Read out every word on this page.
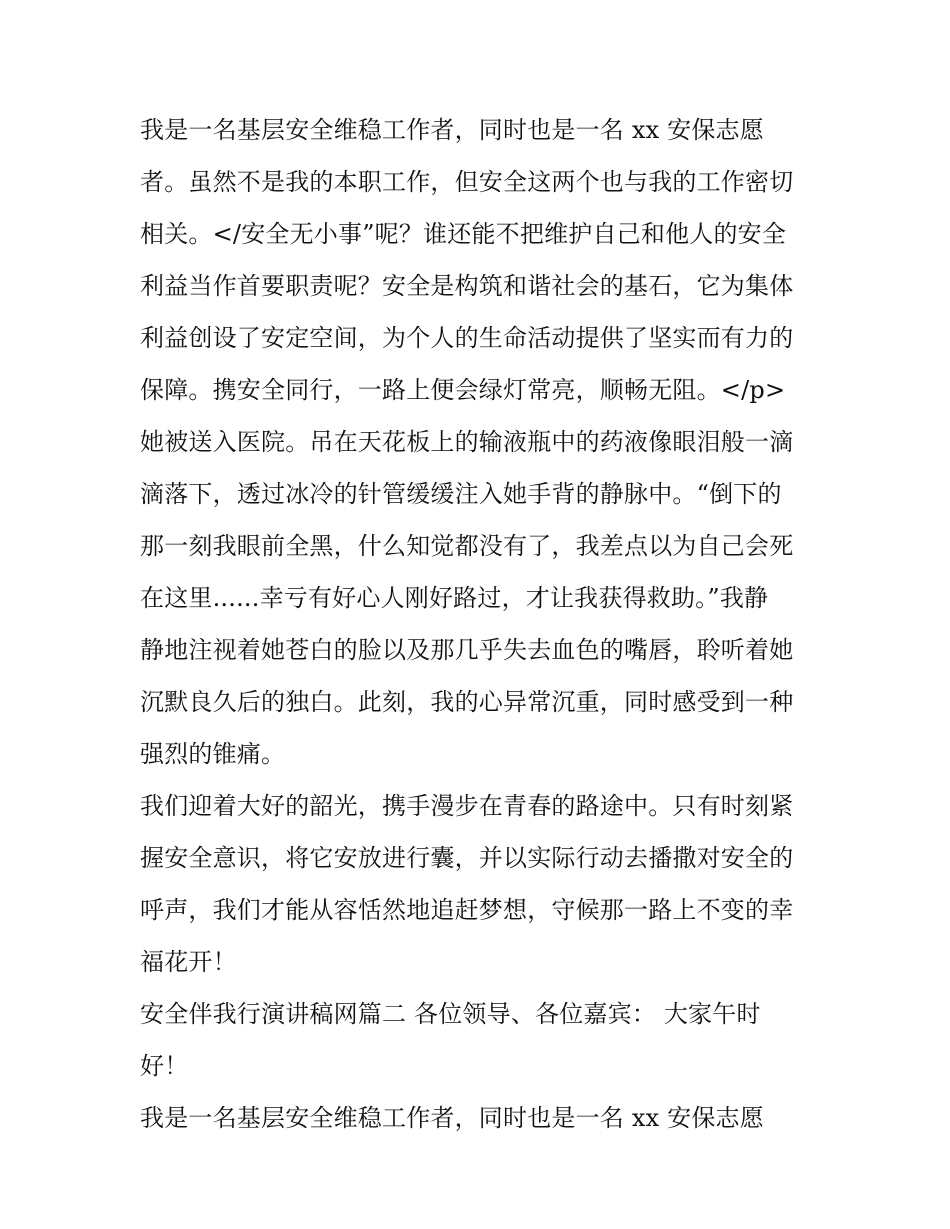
我是一名基层安全维稳工作者，同时也是一名 xx 安保志愿
者。虽然不是我的本职工作，但安全这两个也与我的工作密切
相关。</安全无小事”呢？谁还能不把维护自己和他人的安全
利益当作首要职责呢？安全是构筑和谐社会的基石，它为集体
利益创设了安定空间，为个人的生命活动提供了坚实而有力的
保障。携安全同行，一路上便会绿灯常亮，顺畅无阻。</p>
她被送入医院。吊在天花板上的输液瓶中的药液像眼泪般一滴
滴落下，透过冰冷的针管缓缓注入她手背的静脉中。“倒下的
那一刻我眼前全黑，什么知觉都没有了，我差点以为自己会死
在这里......幸亏有好心人刚好路过，才让我获得救助。”我静
静地注视着她苍白的脸以及那几乎失去血色的嘴唇，聆听着她
沉默良久后的独白。此刻，我的心异常沉重，同时感受到一种
强烈的锥痛。
我们迎着大好的韶光，携手漫步在青春的路途中。只有时刻紧
握安全意识，将它安放进行囊，并以实际行动去播撒对安全的
呼声，我们才能从容恬然地追赶梦想，守候那一路上不变的幸
福花开！
安全伴我行演讲稿网篇二 各位领导、各位嘉宾： 大家午时
好！
我是一名基层安全维稳工作者，同时也是一名 xx 安保志愿
